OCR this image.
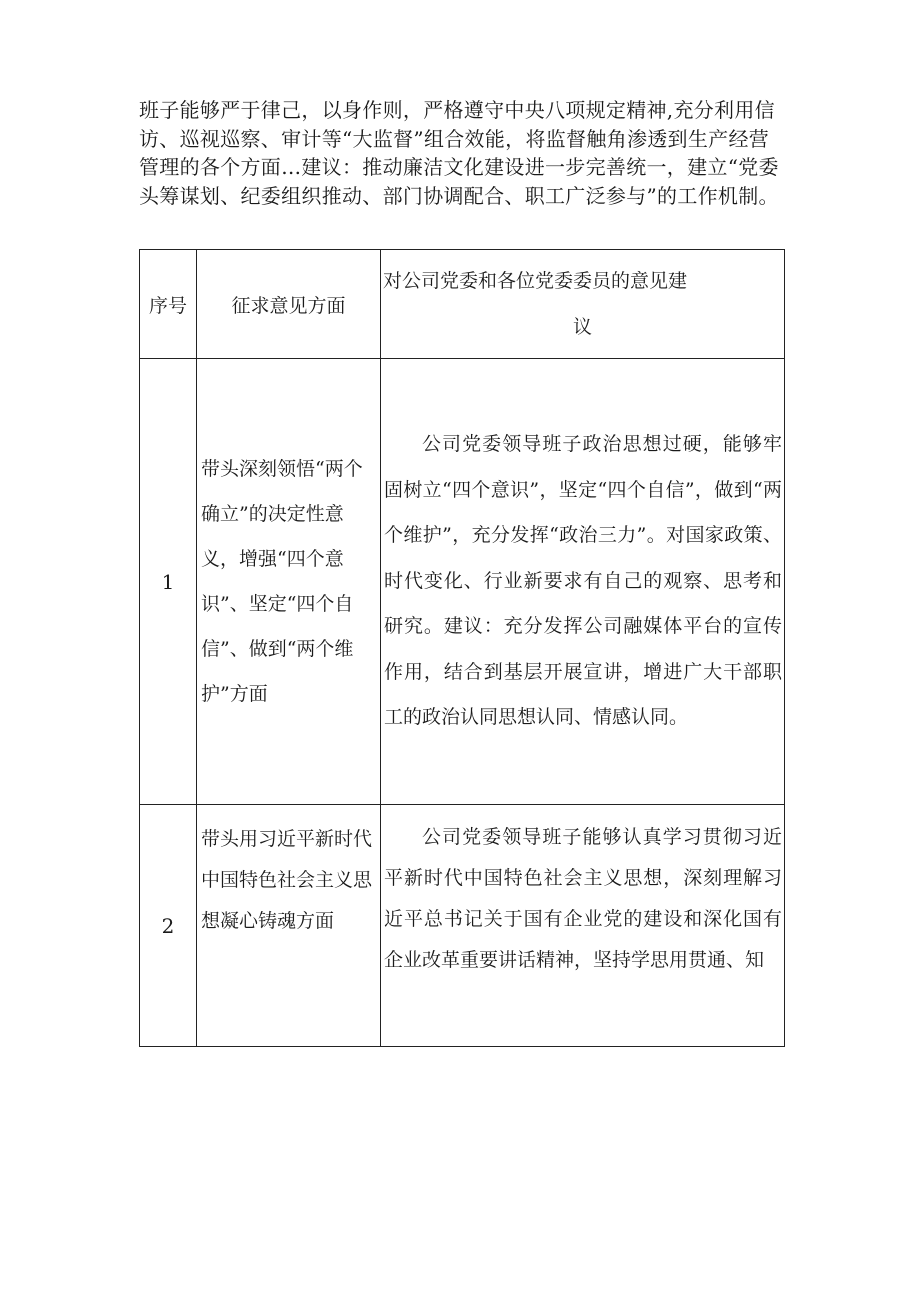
班子能够严于律己，以身作则，严格遵守中央八项规定精神,充分利用信访、巡视巡察、审计等“大监督”组合效能，将监督触角渗透到生产经营管理的各个方面…建议：推动廉洁文化建设进一步完善统一，建立“党委头筹谋划、纪委组织推动、部门协调配合、职工广泛参与”的工作机制。

序号	征求意见方面	对公司党委和各位党委委员的意见建
议

1	带头深刻领悟“两个确立”的决定性意义，增强“四个意识”、坚定“四个自信”、做到“两个维护”方面	公司党委领导班子政治思想过硬，能够牢固树立“四个意识”，坚定“四个自信”，做到“两个维护”，充分发挥“政治三力”。对国家政策、时代变化、行业新要求有自己的观察、思考和研究。建议：充分发挥公司融媒体平台的宣传作用，结合到基层开展宣讲，增进广大干部职工的政治认同思想认同、情感认同。
2	带头用习近平新时代中国特色社会主义思想凝心铸魂方面	公司党委领导班子能够认真学习贯彻习近平新时代中国特色社会主义思想，深刻理解习近平总书记关于国有企业党的建设和深化国有企业改革重要讲话精神，坚持学思用贯通、知
